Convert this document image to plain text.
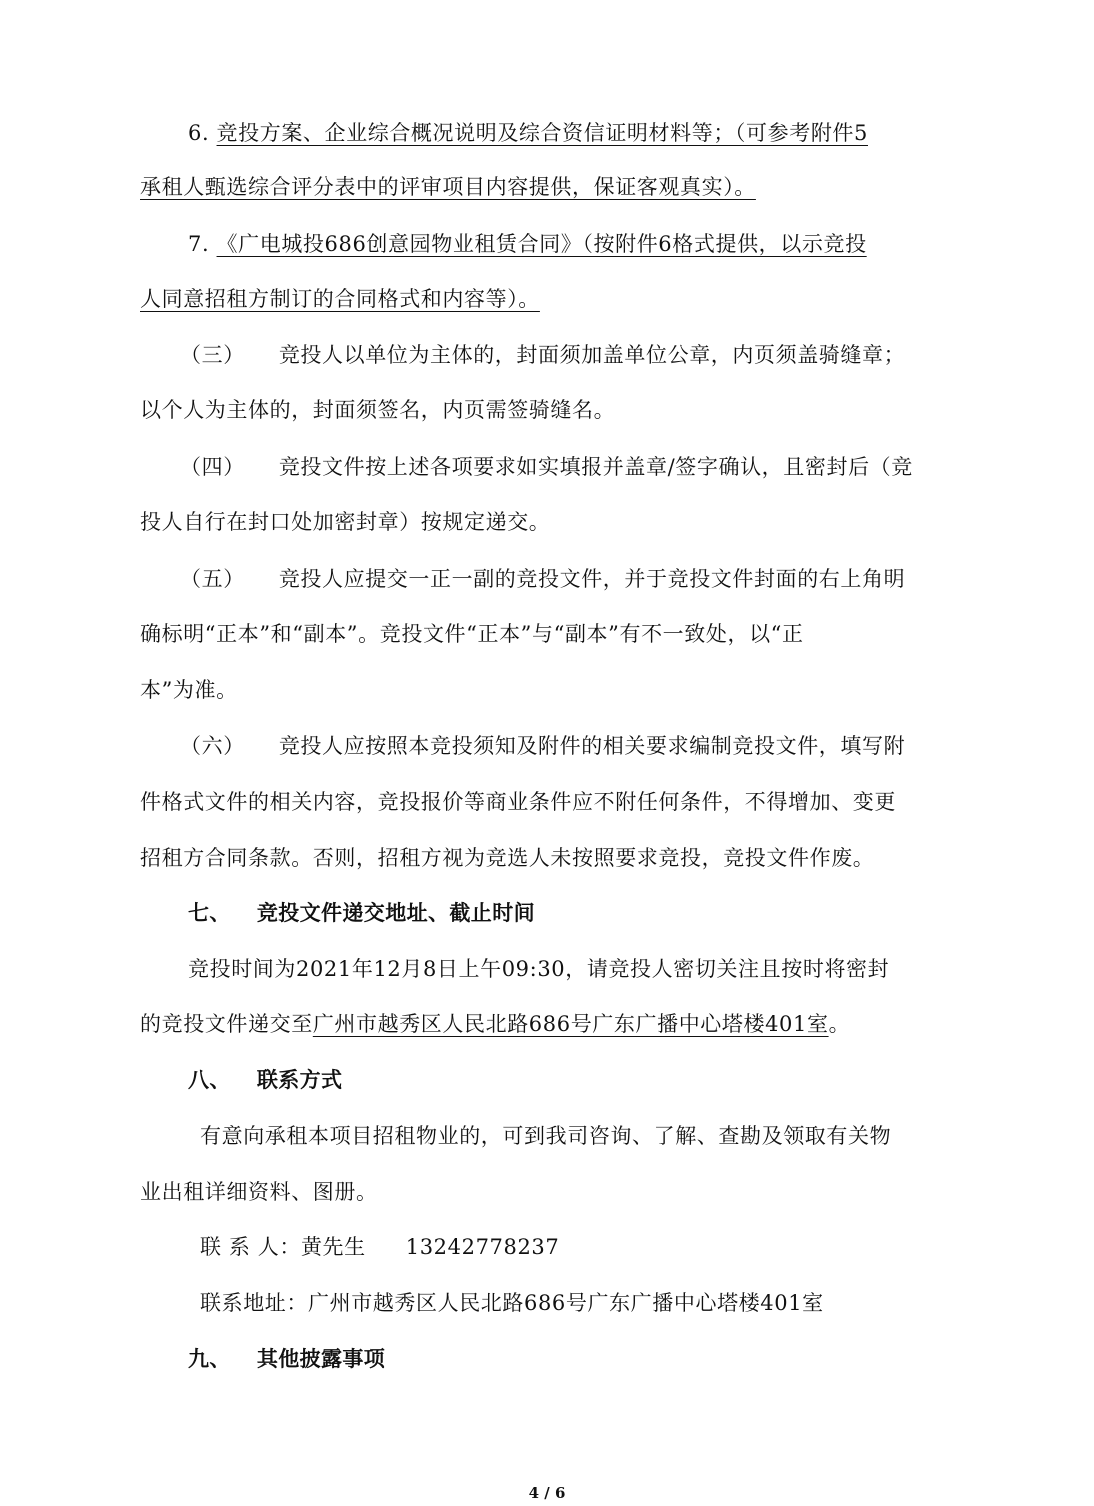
6. 竞投方案、企业综合概况说明及综合资信证明材料等；（可参考附件5
承租人甄选综合评分表中的评审项目内容提供，保证客观真实）。
7. 《广电城投686创意园物业租赁合同》（按附件6格式提供，以示竞投
人同意招租方制订的合同格式和内容等）。
（三） 竞投人以单位为主体的，封面须加盖单位公章，内页须盖骑缝章；
以个人为主体的，封面须签名，内页需签骑缝名。
（四） 竞投文件按上述各项要求如实填报并盖章/签字确认，且密封后（竞
投人自行在封口处加密封章）按规定递交。
（五） 竞投人应提交一正一副的竞投文件，并于竞投文件封面的右上角明
确标明“正本”和“副本”。竞投文件“正本”与“副本”有不一致处，以“正
本”为准。
（六） 竞投人应按照本竞投须知及附件的相关要求编制竞投文件，填写附
件格式文件的相关内容，竞投报价等商业条件应不附任何条件，不得增加、变更
招租方合同条款。否则，招租方视为竞选人未按照要求竞投，竞投文件作废。
七、 竞投文件递交地址、截止时间
竞投时间为2021年12月8日上午09:30，请竞投人密切关注且按时将密封
的竞投文件递交至广州市越秀区人民北路686号广东广播中心塔楼401室。
八、 联系方式
有意向承租本项目招租物业的，可到我司咨询、了解、查勘及领取有关物
业出租详细资料、图册。
联 系 人：黄先生 13242778237
联系地址：广州市越秀区人民北路686号广东广播中心塔楼401室
九、 其他披露事项
4 / 6
